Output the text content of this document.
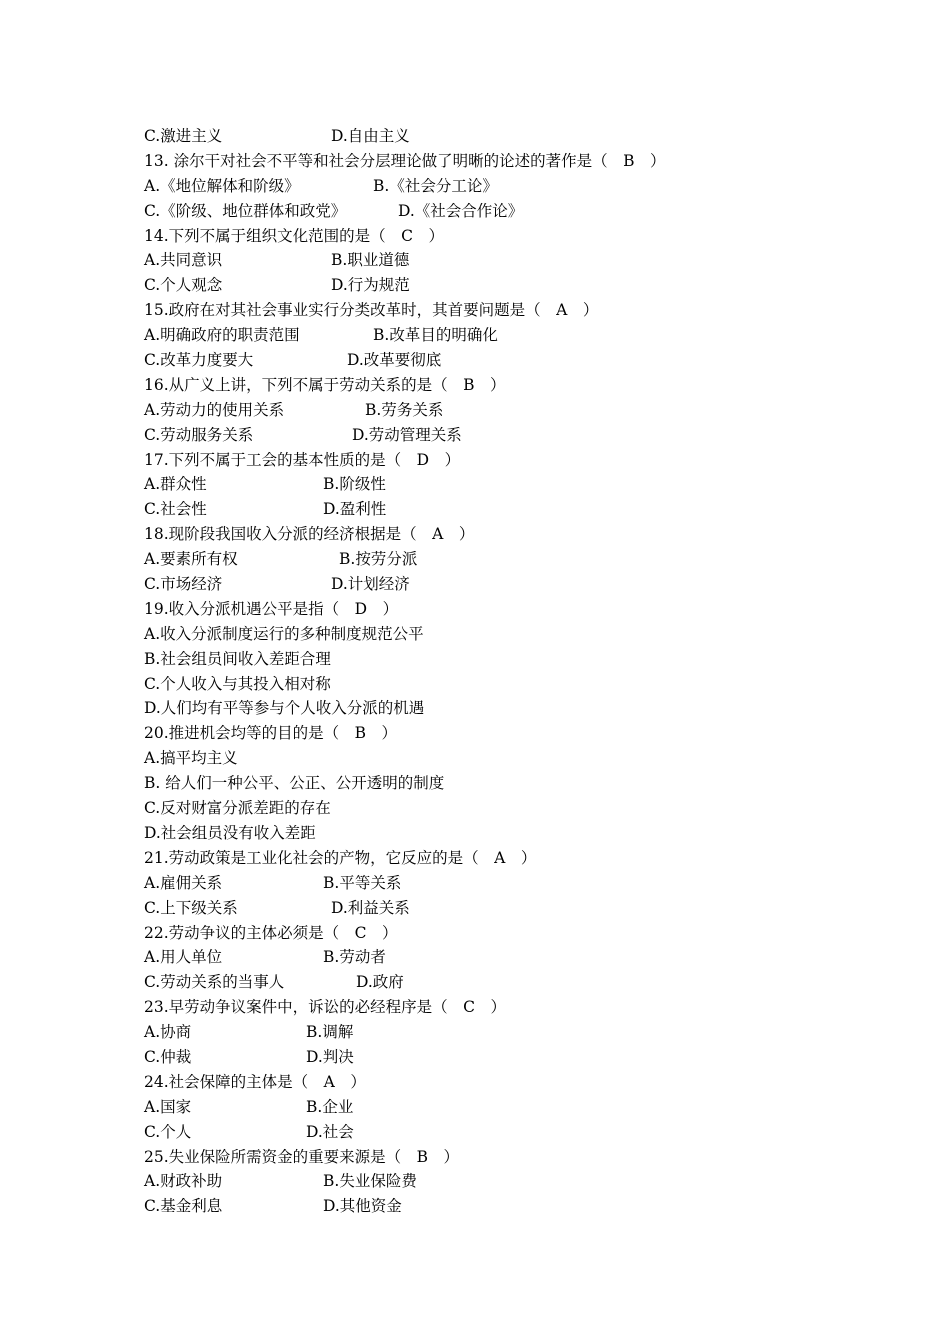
C.激进主义	D.自由主义
13. 涂尔干对社会不平等和社会分层理论做了明晰的论述的著作是（　B　）
A.《地位解体和阶级》	B.《社会分工论》
C.《阶级、地位群体和政党》	D.《社会合作论》
14.下列不属于组织文化范围的是（　C　）
A.共同意识	B.职业道德
C.个人观念	D.行为规范
15.政府在对其社会事业实行分类改革时，其首要问题是（　A　）
A.明确政府的职责范围	B.改革目的明确化
C.改革力度要大	D.改革要彻底
16.从广义上讲，下列不属于劳动关系的是（　B　）
A.劳动力的使用关系	B.劳务关系
C.劳动服务关系	D.劳动管理关系
17.下列不属于工会的基本性质的是（　D　）
A.群众性	B.阶级性
C.社会性	D.盈利性
18.现阶段我国收入分派的经济根据是（　A　）
A.要素所有权	B.按劳分派
C.市场经济	D.计划经济
19.收入分派机遇公平是指（　D　）
A.收入分派制度运行的多种制度规范公平
B.社会组员间收入差距合理
C.个人收入与其投入相对称
D.人们均有平等参与个人收入分派的机遇
20.推进机会均等的目的是（　B　）
A.搞平均主义
B. 给人们一种公平、公正、公开透明的制度
C.反对财富分派差距的存在
D.社会组员没有收入差距
21.劳动政策是工业化社会的产物，它反应的是（　A　）
A.雇佣关系	B.平等关系
C.上下级关系	D.利益关系
22.劳动争议的主体必须是（　C　）
A.用人单位	B.劳动者
C.劳动关系的当事人	D.政府
23.早劳动争议案件中，诉讼的必经程序是（　C　）
A.协商	B.调解
C.仲裁	D.判决
24.社会保障的主体是（　A　）
A.国家	B.企业
C.个人	D.社会
25.失业保险所需资金的重要来源是（　B　）
A.财政补助	B.失业保险费
C.基金利息	D.其他资金
